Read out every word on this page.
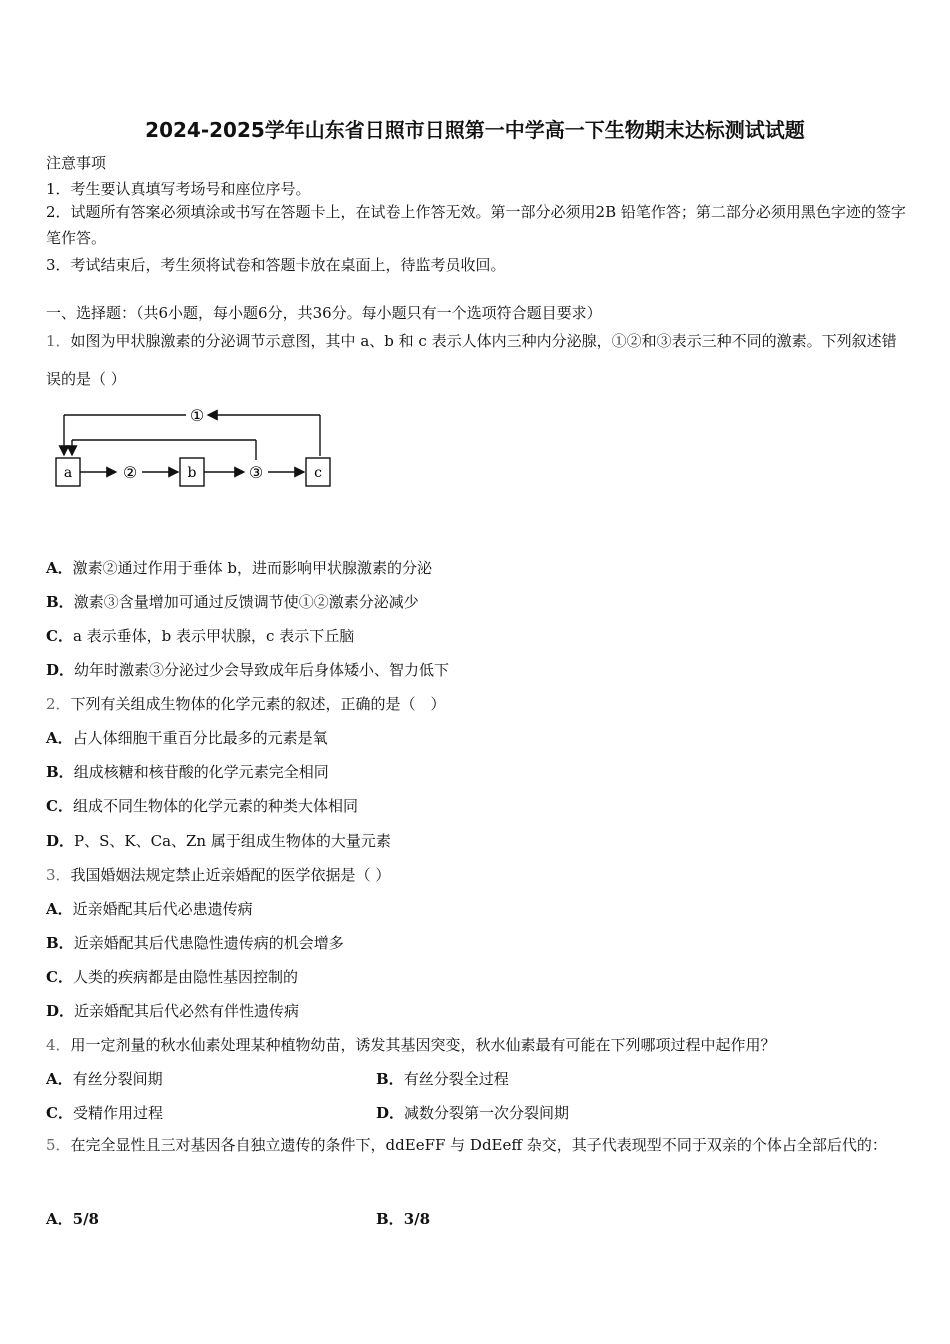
2024-2025学年山东省日照市日照第一中学高一下生物期末达标测试试题
注意事项
1．考生要认真填写考场号和座位序号。
2．试题所有答案必须填涂或书写在答题卡上，在试卷上作答无效。第一部分必须用2B 铅笔作答；第二部分必须用黑色字迹的签字笔作答。
3．考试结束后，考生须将试卷和答题卡放在桌面上，待监考员收回。
一、选择题：（共6小题，每小题6分，共36分。每小题只有一个选项符合题目要求）
1．如图为甲状腺激素的分泌调节示意图，其中 a、b 和 c 表示人体内三种内分泌腺，①②和③表示三种不同的激素。下列叙述错误的是（ ）
a	b	c
①
②	③
A．激素②通过作用于垂体 b，进而影响甲状腺激素的分泌
B．激素③含量增加可通过反馈调节使①②激素分泌减少
C．a 表示垂体，b 表示甲状腺，c 表示下丘脑
D．幼年时激素③分泌过少会导致成年后身体矮小、智力低下
2．下列有关组成生物体的化学元素的叙述，正确的是（　）
A．占人体细胞干重百分比最多的元素是氧
B．组成核糖和核苷酸的化学元素完全相同
C．组成不同生物体的化学元素的种类大体相同
D．P、S、K、Ca、Zn 属于组成生物体的大量元素
3．我国婚姻法规定禁止近亲婚配的医学依据是（ ）
A．近亲婚配其后代必患遗传病
B．近亲婚配其后代患隐性遗传病的机会增多
C．人类的疾病都是由隐性基因控制的
D．近亲婚配其后代必然有伴性遗传病
4．用一定剂量的秋水仙素处理某种植物幼苗，诱发其基因突变，秋水仙素最有可能在下列哪项过程中起作用？
A．有丝分裂间期	B．有丝分裂全过程
C．受精作用过程	D．减数分裂第一次分裂间期
5．在完全显性且三对基因各自独立遗传的条件下，ddEeFF 与 DdEeff 杂交，其子代表现型不同于双亲的个体占全部后代的：
A．5/8	B．3/8
